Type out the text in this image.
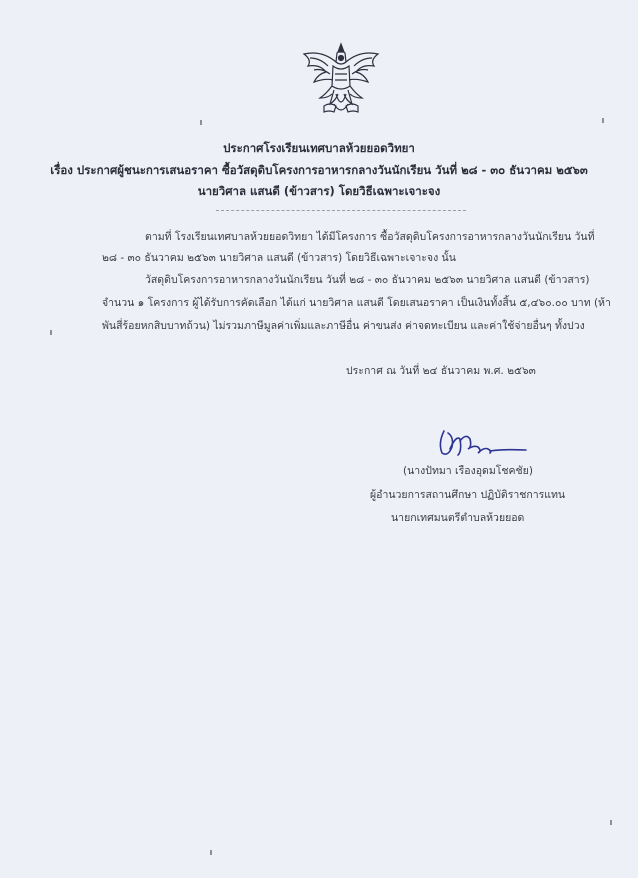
ประกาศโรงเรียนเทศบาลห้วยยอดวิทยา
เรื่อง ประกาศผู้ชนะการเสนอราคา ซื้อวัสดุดิบโครงการอาหารกลางวันนักเรียน วันที่ ๒๘ - ๓๐ ธันวาคม ๒๕๖๓
นายวิศาล แสนดี (ข้าวสาร) โดยวิธีเฉพาะเจาะจง
ตามที่ โรงเรียนเทศบาลห้วยยอดวิทยา ได้มีโครงการ ซื้อวัสดุดิบโครงการอาหารกลางวันนักเรียน วันที่
๒๘ - ๓๐ ธันวาคม ๒๕๖๓ นายวิศาล แสนดี (ข้าวสาร) โดยวิธีเฉพาะเจาะจง นั้น
วัสดุดิบโครงการอาหารกลางวันนักเรียน วันที่ ๒๘ - ๓๐ ธันวาคม ๒๕๖๓ นายวิศาล แสนดี (ข้าวสาร)
จำนวน ๑ โครงการ ผู้ได้รับการคัดเลือก ได้แก่ นายวิศาล แสนดี โดยเสนอราคา เป็นเงินทั้งสิ้น ๕,๔๖๐.๐๐ บาท (ห้า
พันสี่ร้อยหกสิบบาทถ้วน) ไม่รวมภาษีมูลค่าเพิ่มและภาษีอื่น ค่าขนส่ง ค่าจดทะเบียน และค่าใช้จ่ายอื่นๆ ทั้งปวง
ประกาศ ณ วันที่ ๒๔ ธันวาคม พ.ศ. ๒๕๖๓
(นางปัทมา เรืองอุดมโชคชัย)
ผู้อำนวยการสถานศึกษา ปฏิบัติราชการแทน
นายกเทศมนตรีตำบลห้วยยอด
